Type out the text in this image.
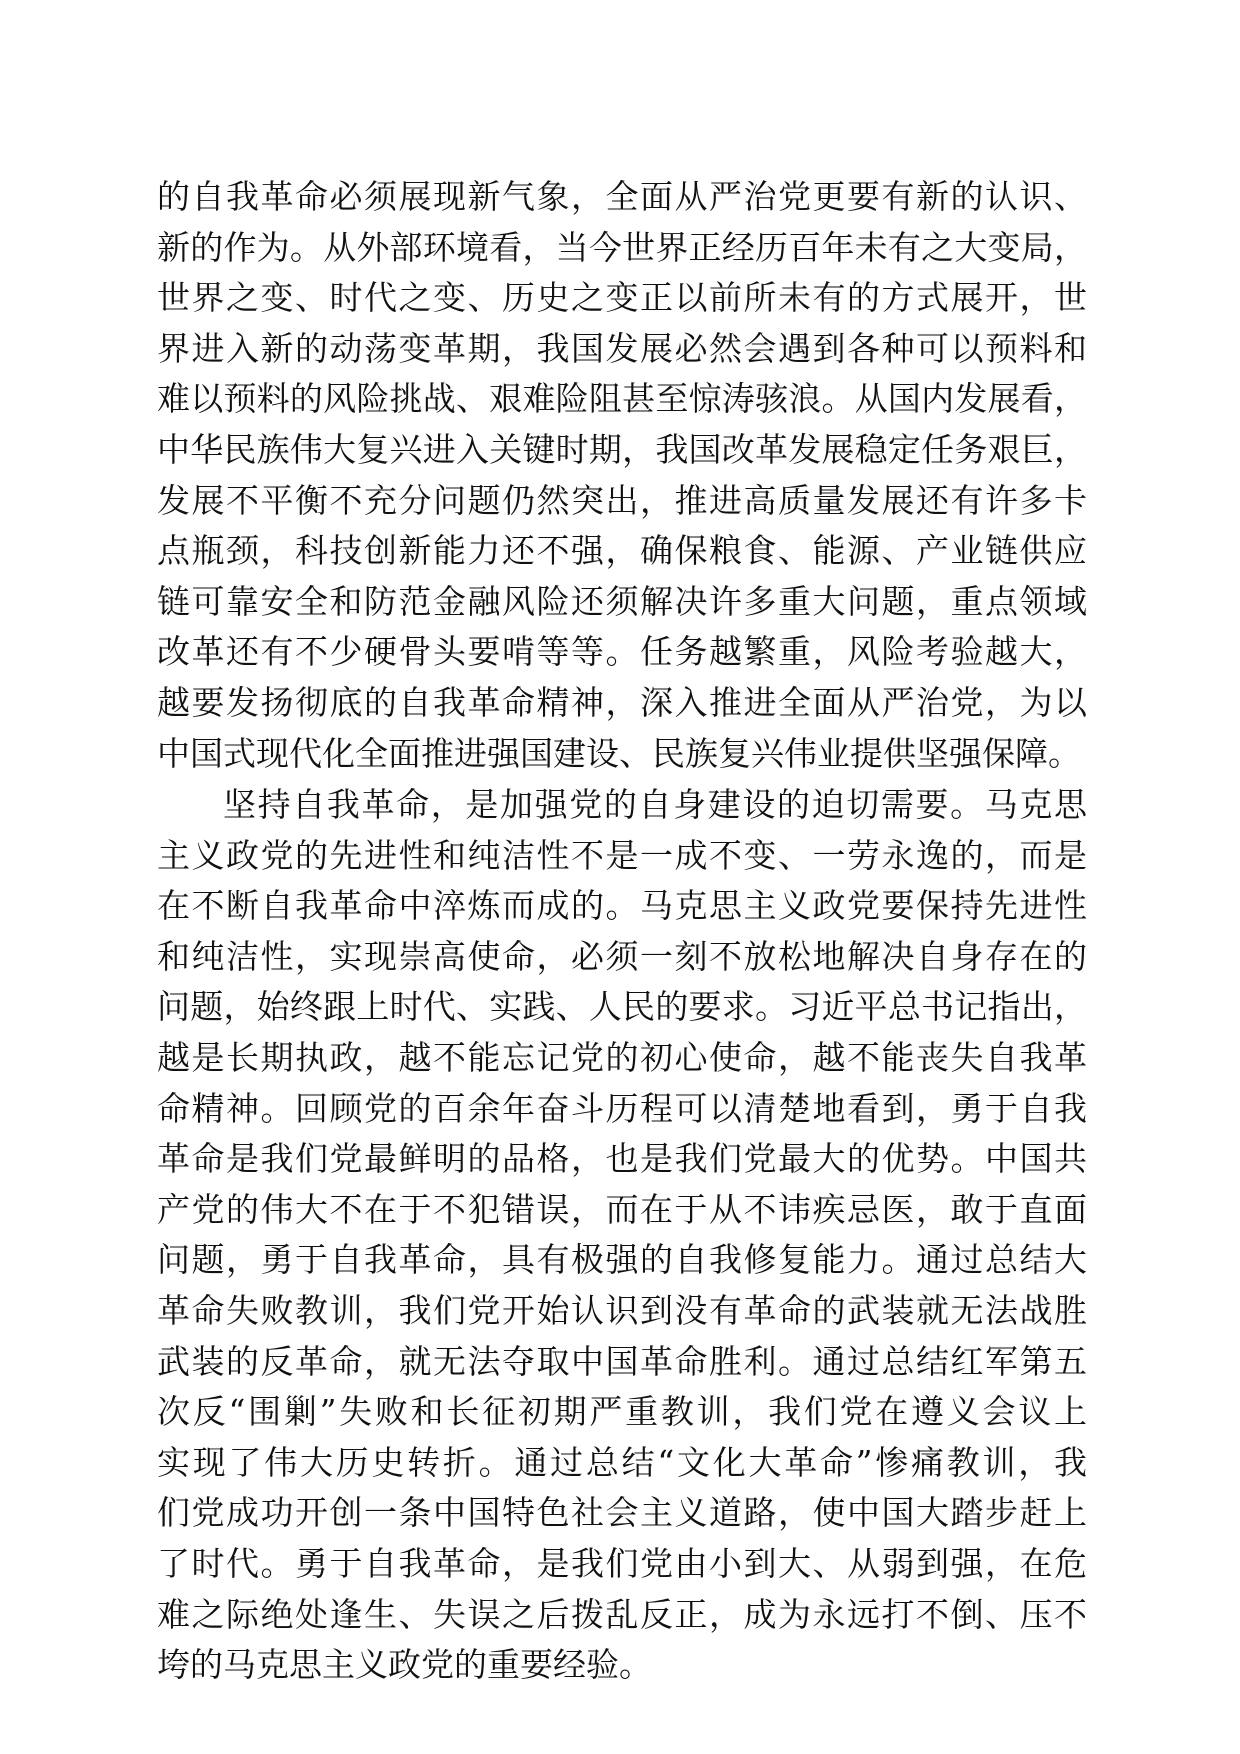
的自我革命必须展现新气象，全面从严治党更要有新的认识、
新的作为。从外部环境看，当今世界正经历百年未有之大变局，
世界之变、时代之变、历史之变正以前所未有的方式展开，世
界进入新的动荡变革期，我国发展必然会遇到各种可以预料和
难以预料的风险挑战、艰难险阻甚至惊涛骇浪。从国内发展看，
中华民族伟大复兴进入关键时期，我国改革发展稳定任务艰巨，
发展不平衡不充分问题仍然突出，推进高质量发展还有许多卡
点瓶颈，科技创新能力还不强，确保粮食、能源、产业链供应
链可靠安全和防范金融风险还须解决许多重大问题，重点领域
改革还有不少硬骨头要啃等等。任务越繁重，风险考验越大，
越要发扬彻底的自我革命精神，深入推进全面从严治党，为以
中国式现代化全面推进强国建设、民族复兴伟业提供坚强保障。
坚持自我革命，是加强党的自身建设的迫切需要。马克思
主义政党的先进性和纯洁性不是一成不变、一劳永逸的，而是
在不断自我革命中淬炼而成的。马克思主义政党要保持先进性
和纯洁性，实现崇高使命，必须一刻不放松地解决自身存在的
问题，始终跟上时代、实践、人民的要求。习近平总书记指出，
越是长期执政，越不能忘记党的初心使命，越不能丧失自我革
命精神。回顾党的百余年奋斗历程可以清楚地看到，勇于自我
革命是我们党最鲜明的品格，也是我们党最大的优势。中国共
产党的伟大不在于不犯错误，而在于从不讳疾忌医，敢于直面
问题，勇于自我革命，具有极强的自我修复能力。通过总结大
革命失败教训，我们党开始认识到没有革命的武装就无法战胜
武装的反革命，就无法夺取中国革命胜利。通过总结红军第五
次反“围剿”失败和长征初期严重教训，我们党在遵义会议上
实现了伟大历史转折。通过总结“文化大革命”惨痛教训，我
们党成功开创一条中国特色社会主义道路，使中国大踏步赶上
了时代。勇于自我革命，是我们党由小到大、从弱到强，在危
难之际绝处逢生、失误之后拨乱反正，成为永远打不倒、压不
垮的马克思主义政党的重要经验。
